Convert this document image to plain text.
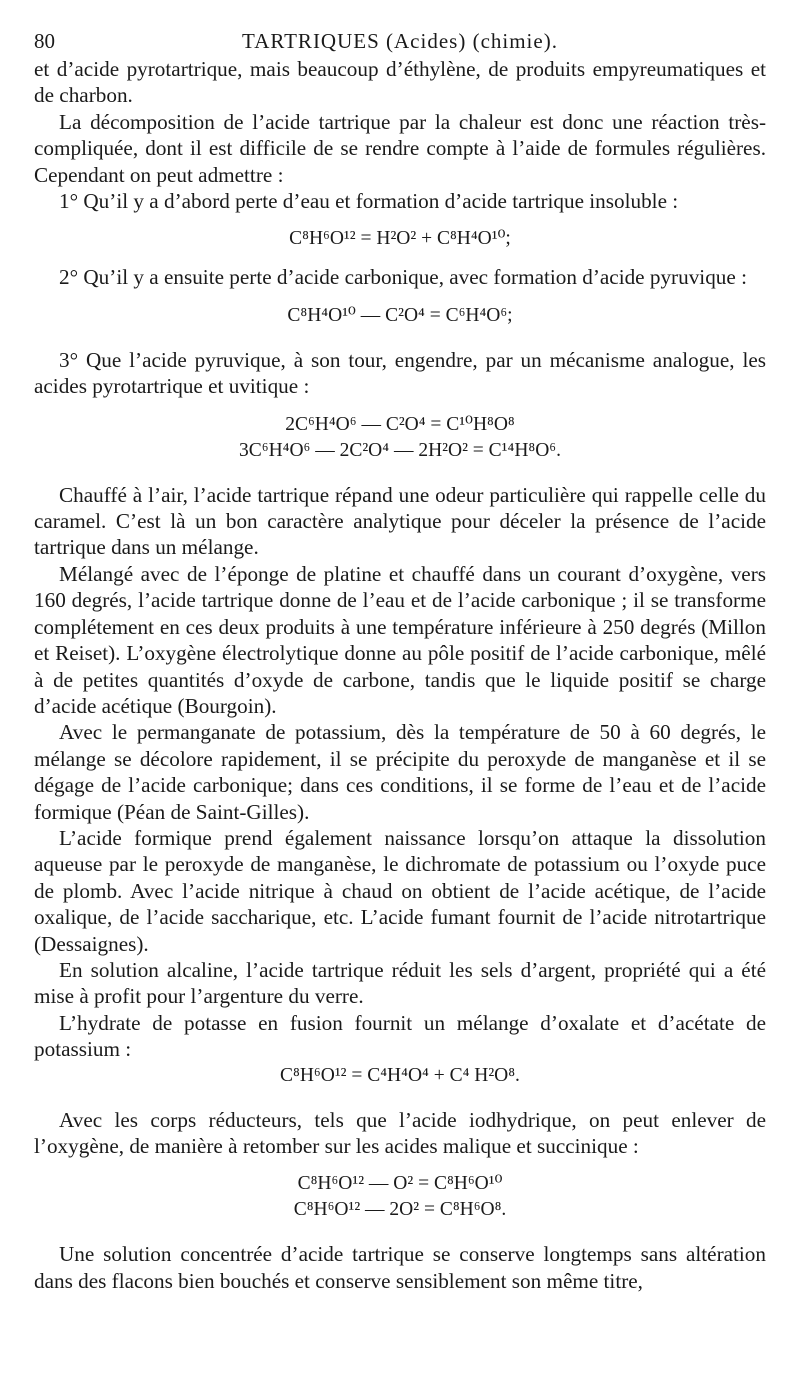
80	TARTRIQUES (Acides) (chimie).

et d’acide pyrotartrique, mais beaucoup d’éthylène, de produits empyreumatiques et de charbon.

La décomposition de l’acide tartrique par la chaleur est donc une réaction très-compliquée, dont il est difficile de se rendre compte à l’aide de formules régulières. Cependant on peut admettre :

1° Qu’il y a d’abord perte d’eau et formation d’acide tartrique insoluble :

C⁸H⁶O¹² = H²O² + C⁸H⁴O¹⁰;

2° Qu’il y a ensuite perte d’acide carbonique, avec formation d’acide pyruvique :

C⁸H⁴O¹⁰ — C²O⁴ = C⁶H⁴O⁶;

3° Que l’acide pyruvique, à son tour, engendre, par un mécanisme analogue, les acides pyrotartrique et uvitique :

2C⁶H⁴O⁶ — C²O⁴ = C¹⁰H⁸O⁸

3C⁶H⁴O⁶ — 2C²O⁴ — 2H²O² = C¹⁴H⁸O⁶.

Chauffé à l’air, l’acide tartrique répand une odeur particulière qui rappelle celle du caramel. C’est là un bon caractère analytique pour déceler la présence de l’acide tartrique dans un mélange.

Mélangé avec de l’éponge de platine et chauffé dans un courant d’oxygène, vers 160 degrés, l’acide tartrique donne de l’eau et de l’acide carbonique ; il se transforme complétement en ces deux produits à une température inférieure à 250 degrés (Millon et Reiset). L’oxygène électrolytique donne au pôle positif de l’acide carbonique, mêlé à de petites quantités d’oxyde de carbone, tandis que le liquide positif se charge d’acide acétique (Bourgoin).

Avec le permanganate de potassium, dès la température de 50 à 60 degrés, le mélange se décolore rapidement, il se précipite du peroxyde de manganèse et il se dégage de l’acide carbonique; dans ces conditions, il se forme de l’eau et de l’acide formique (Péan de Saint-Gilles).

L’acide formique prend également naissance lorsqu’on attaque la dissolution aqueuse par le peroxyde de manganèse, le dichromate de potassium ou l’oxyde puce de plomb. Avec l’acide nitrique à chaud on obtient de l’acide acétique, de l’acide oxalique, de l’acide saccharique, etc. L’acide fumant fournit de l’acide nitrotartrique (Dessaignes).

En solution alcaline, l’acide tartrique réduit les sels d’argent, propriété qui a été mise à profit pour l’argenture du verre.

L’hydrate de potasse en fusion fournit un mélange d’oxalate et d’acétate de potassium :

C⁸H⁶O¹² = C⁴H⁴O⁴ + C⁴ H²O⁸.

Avec les corps réducteurs, tels que l’acide iodhydrique, on peut enlever de l’oxygène, de manière à retomber sur les acides malique et succinique :

C⁸H⁶O¹² — O² = C⁸H⁶O¹⁰

C⁸H⁶O¹² — 2O² = C⁸H⁶O⁸.

Une solution concentrée d’acide tartrique se conserve longtemps sans altération dans des flacons bien bouchés et conserve sensiblement son même titre,
